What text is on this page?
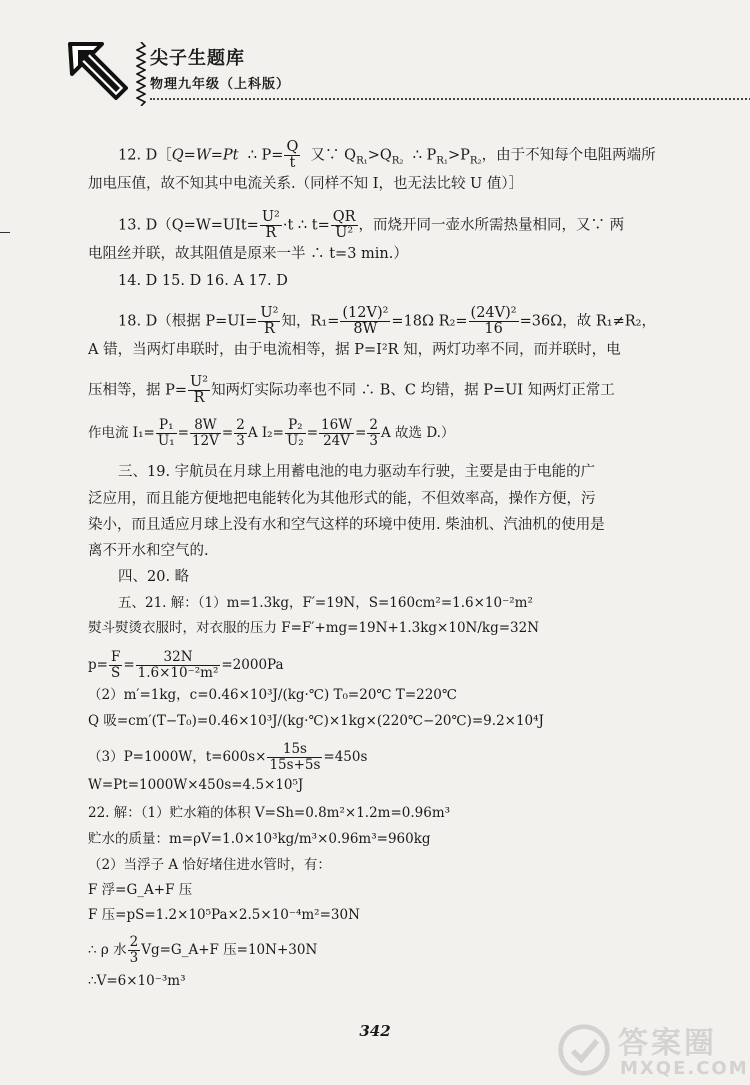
尖子生题库
物理九年级（上科版）
12. D［Q=W=Pt ∴ $P= \frac{Q}{t}$ 又∵ $Q_{R_1}>Q_{R_2}$ ∴ $P_{R_1}>P_{R_2}$，由于不知每个电阻两端所
加电压值，故不知其中电流关系.（同样不知 I，也无法比较 U 值）］
13. $D(Q=W=UIt= \frac{\text{U²}}{R} \cdot t$ ∴ $t= \frac{QR}{\text{U²}}$ ，而烧开同一壶水所需热量相同，又∵ 两
电阻丝并联，故其阻值是原来一半 ∴ t=3 min.）
14. D 15. D 16. A 17. D
18. D（根据 $P=UI= \frac{\text{U²}}{R}$ 知，$R_1= \frac{\text{(12V)²}}{8W} =18\Omega$ $R_2= \frac{\text{(24V)²}}{16} =36\Omega$，故 R₁≠R₂，
A 错，当两灯串联时，由于电流相等，据 P=I²R 知，两灯功率不同，而并联时，电
压相等，据 $P= \frac{\text{U²}}{R}$ 知两灯实际功率也不同 ∴ B、C 均错，据 P=UI 知两灯正常工
作电流 $I_1= \frac{\text{P₁}}{\text{U₁}} = \frac{8W}{12V} = \frac{2}{3}$ A $I_2= \frac{\text{P₂}}{\text{U₂}} = \frac{16W}{24V} = \frac{2}{3}$ A 故选 D.）
三、19. 宇航员在月球上用蓄电池的电力驱动车行驶，主要是由于电能的广
泛应用，而且能方便地把电能转化为其他形式的能，不但效率高，操作方便，污
染小，而且适应月球上没有水和空气这样的环境中使用. 柴油机、汽油机的使用是
离不开水和空气的.
四、20. 略
五、21. 解：（1）m=1.3kg，F′=19N，S=160cm²=1.6×10⁻²m²
熨斗熨烫衣服时，对衣服的压力 F=F′+mg=19N+1.3kg×10N/kg=32N
$p= \frac{F}{S} = \frac{32N}{\text{1.6×10⁻²m²}} =2000Pa$
（2）m′=1kg，c=0.46×10³J/(kg·℃) T₀=20℃ T=220℃
Q 吸=cm′(T−T₀)=0.46×10³J/(kg·℃)×1kg×(220℃−20℃)=9.2×10⁴J
（3）P=1000W，$t=600s\times \frac{15s}{15s+5s} =450s$
W=Pt=1000W×450s=4.5×10⁵J
22. 解：（1）贮水箱的体积 V=Sh=0.8m²×1.2m=0.96m³
贮水的质量：m=ρV=1.0×10³kg/m³×0.96m³=960kg
（2）当浮子 A 恰好堵住进水管时，有：
F 浮=G_A+F 压
F 压=pS=1.2×10⁵Pa×2.5×10⁻⁴m²=30N
∴ ρ 水 $\frac{2}{3}$ Vg=G_A+F 压=10N+30N
∴V=6×10⁻³m³
342	答案圈
MXQE.COM
